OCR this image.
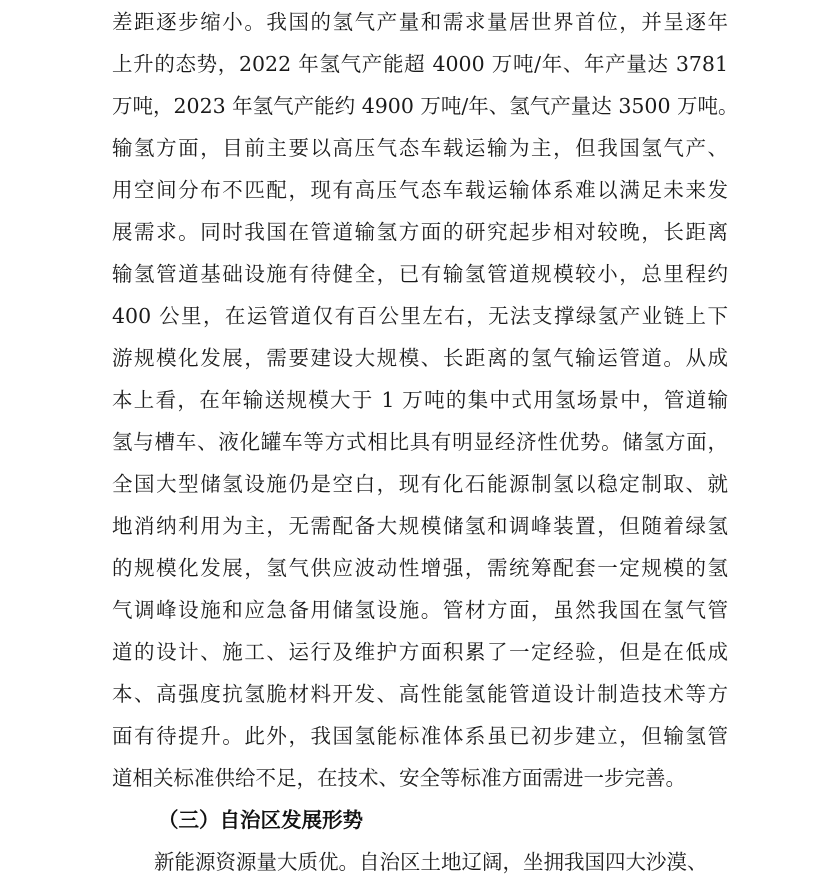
差距逐步缩小。我国的氢气产量和需求量居世界首位，并呈逐年
上升的态势，2022 年氢气产能超 4000 万吨/年、年产量达 3781
万吨，2023 年氢气产能约 4900 万吨/年、氢气产量达 3500 万吨。
输氢方面，目前主要以高压气态车载运输为主，但我国氢气产、
用空间分布不匹配，现有高压气态车载运输体系难以满足未来发
展需求。同时我国在管道输氢方面的研究起步相对较晚，长距离
输氢管道基础设施有待健全，已有输氢管道规模较小，总里程约
400 公里，在运管道仅有百公里左右，无法支撑绿氢产业链上下
游规模化发展，需要建设大规模、长距离的氢气输运管道。从成
本上看，在年输送规模大于 1 万吨的集中式用氢场景中，管道输
氢与槽车、液化罐车等方式相比具有明显经济性优势。储氢方面，
全国大型储氢设施仍是空白，现有化石能源制氢以稳定制取、就
地消纳利用为主，无需配备大规模储氢和调峰装置，但随着绿氢
的规模化发展，氢气供应波动性增强，需统筹配套一定规模的氢
气调峰设施和应急备用储氢设施。管材方面，虽然我国在氢气管
道的设计、施工、运行及维护方面积累了一定经验，但是在低成
本、高强度抗氢脆材料开发、高性能氢能管道设计制造技术等方
面有待提升。此外，我国氢能标准体系虽已初步建立，但输氢管
道相关标准供给不足，在技术、安全等标准方面需进一步完善。
（三）自治区发展形势
新能源资源量大质优。自治区土地辽阔，坐拥我国四大沙漠、
